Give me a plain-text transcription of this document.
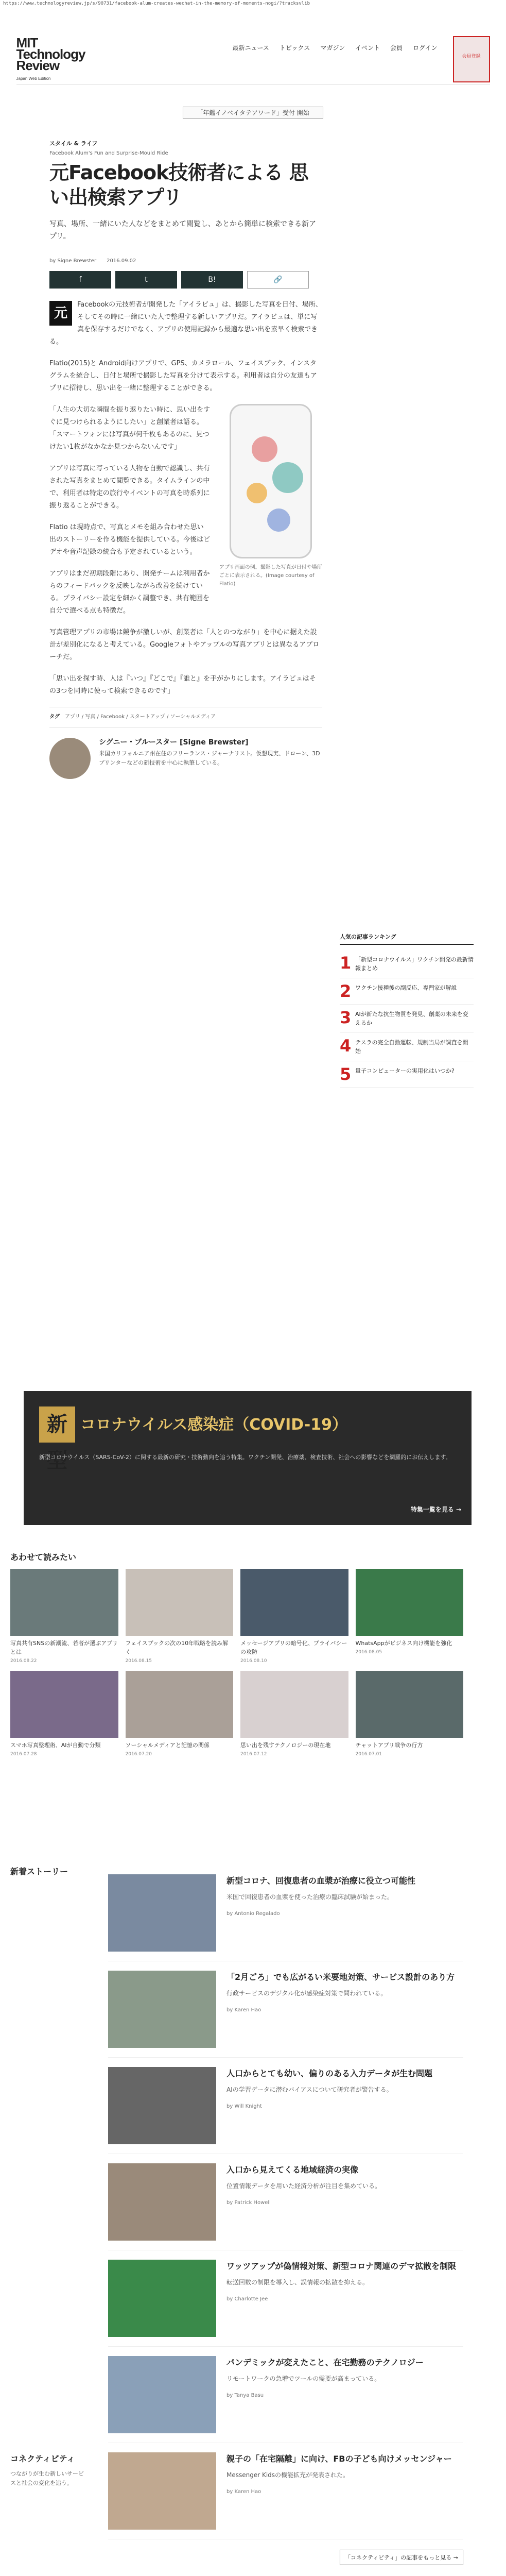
https://www.technologyreview.jp/s/90731/facebook-alum-creates-wechat-in-the-memory-of-moments-nogi/?tracksvlib
MIT
Technology
Review
Japan Web Edition
最新ニュース トピックス マガジン イベント 会員 ログイン
会員登録
「年鑑イノベイタテアワード」受付 開始
スタイル & ライフ
Facebook Alum's Fun and Surprise-Mould Ride
元Facebook技術者による 思い出検索アプリ
写真、場所、一緒にいた人などをまとめて閲覧し、あとから簡単に検索できる新アプリ。
by Signe Brewster 2016.09.02
f	t	B!	🔗

元
Facebookの元技術者が開発した「アイラビュ」は、撮影した写真を日付、場所、そしてその時に一緒にいた人で整理する新しいアプリだ。アイラビュは、単に写真を保存するだけでなく、アプリの使用記録から最適な思い出を素早く検索できる。

Flatio(2015)と Android向けアプリで、GPS、カメラロール、フェイスブック、インスタグラムを統合し、日付と場所で撮影した写真を分けて表示する。利用者は自分の友達もアプリに招待し、思い出を一緒に整理することができる。

アプリ画面の例。撮影した写真が日付や場所ごとに表示される。(Image courtesy of Flatio)

「人生の大切な瞬間を振り返りたい時に、思い出をすぐに見つけられるようにしたい」と創業者は語る。「スマートフォンには写真が何千枚もあるのに、見つけたい1枚がなかなか見つからないんです」

アプリは写真に写っている人物を自動で認識し、共有された写真をまとめて閲覧できる。タイムラインの中で、利用者は特定の旅行やイベントの写真を時系列に振り返ることができる。

Flatio は現時点で、写真とメモを組み合わせた思い出のストーリーを作る機能を提供している。今後はビデオや音声記録の統合も予定されているという。

アプリはまだ初期段階にあり、開発チームは利用者からのフィードバックを反映しながら改善を続けている。プライバシー設定を細かく調整でき、共有範囲を自分で選べる点も特徴だ。

写真管理アプリの市場は競争が激しいが、創業者は「人とのつながり」を中心に据えた設計が差別化になると考えている。Googleフォトやアップルの写真アプリとは異なるアプローチだ。

「思い出を探す時、人は『いつ』『どこで』『誰と』を手がかりにします。アイラビュはその3つを同時に使って検索できるのです」

タグ　 アプリ / 写真 / Facebook / スタートアップ / ソーシャルメディア
シグニー・ブルースター [Signe Brewster]
米国カリフォルニア州在住のフリーランス・ジャーナリスト。仮想現実、ドローン、3Dプリンターなどの新技術を中心に執筆している。
人気の記事ランキング
1 「新型コロナウイルス」ワクチン開発の最新情報まとめ
2 ワクチン接種後の副反応、専門家が解説
3 AIが新たな抗生物質を発見、創薬の未来を変えるか
4 テスラの完全自動運転、規制当局が調査を開始
5 量子コンピューターの実用化はいつか?
新型
コロナウイルス感染症（COVID-19）
新型コロナウイルス（SARS-CoV-2）に関する最新の研究・技術動向を追う特集。ワクチン開発、治療薬、検査技術、社会への影響などを網羅的にお伝えします。
特集一覧を見る →
あわせて読みたい
写真共有SNSの新潮流、若者が選ぶアプリとは
2016.08.22
フェイスブックの次の10年戦略を読み解く
2016.08.15
メッセージアプリの暗号化、プライバシーの攻防
2016.08.10
WhatsAppがビジネス向け機能を強化
2016.08.05
スマホ写真整理術、AIが自動で分類
2016.07.28
ソーシャルメディアと記憶の関係
2016.07.20
思い出を残すテクノロジーの現在地
2016.07.12
チャットアプリ戦争の行方
2016.07.01
新着ストーリー
新型コロナ、回復患者の血漿が治療に役立つ可能性
米国で回復患者の血漿を使った治療の臨床試験が始まった。
by Antonio Regalado
「2月ごろ」でも広がるい米要地対策、サービス設計のあり方
行政サービスのデジタル化が感染症対策で問われている。
by Karen Hao
人口からとても幼い、偏りのある入力データが生む問題
AIの学習データに潜むバイアスについて研究者が警告する。
by Will Knight
入口から見えてくる地域経済の実像
位置情報データを用いた経済分析が注目を集めている。
by Patrick Howell
コネクティビティ
つながりが生む新しいサービスと社会の変化を追う。
ワッツアップが偽情報対策、新型コロナ関連のデマ拡散を制限
転送回数の制限を導入し、誤情報の拡散を抑える。
by Charlotte Jee
パンデミックが変えたこと、在宅勤務のテクノロジー
リモートワークの急増でツールの需要が高まっている。
by Tanya Basu
親子の「在宅隔離」に向け、FBの子ども向けメッセンジャー
Messenger Kidsの機能拡充が発表された。
by Karen Hao
「コネクティビティ」の記事をもっと見る →
